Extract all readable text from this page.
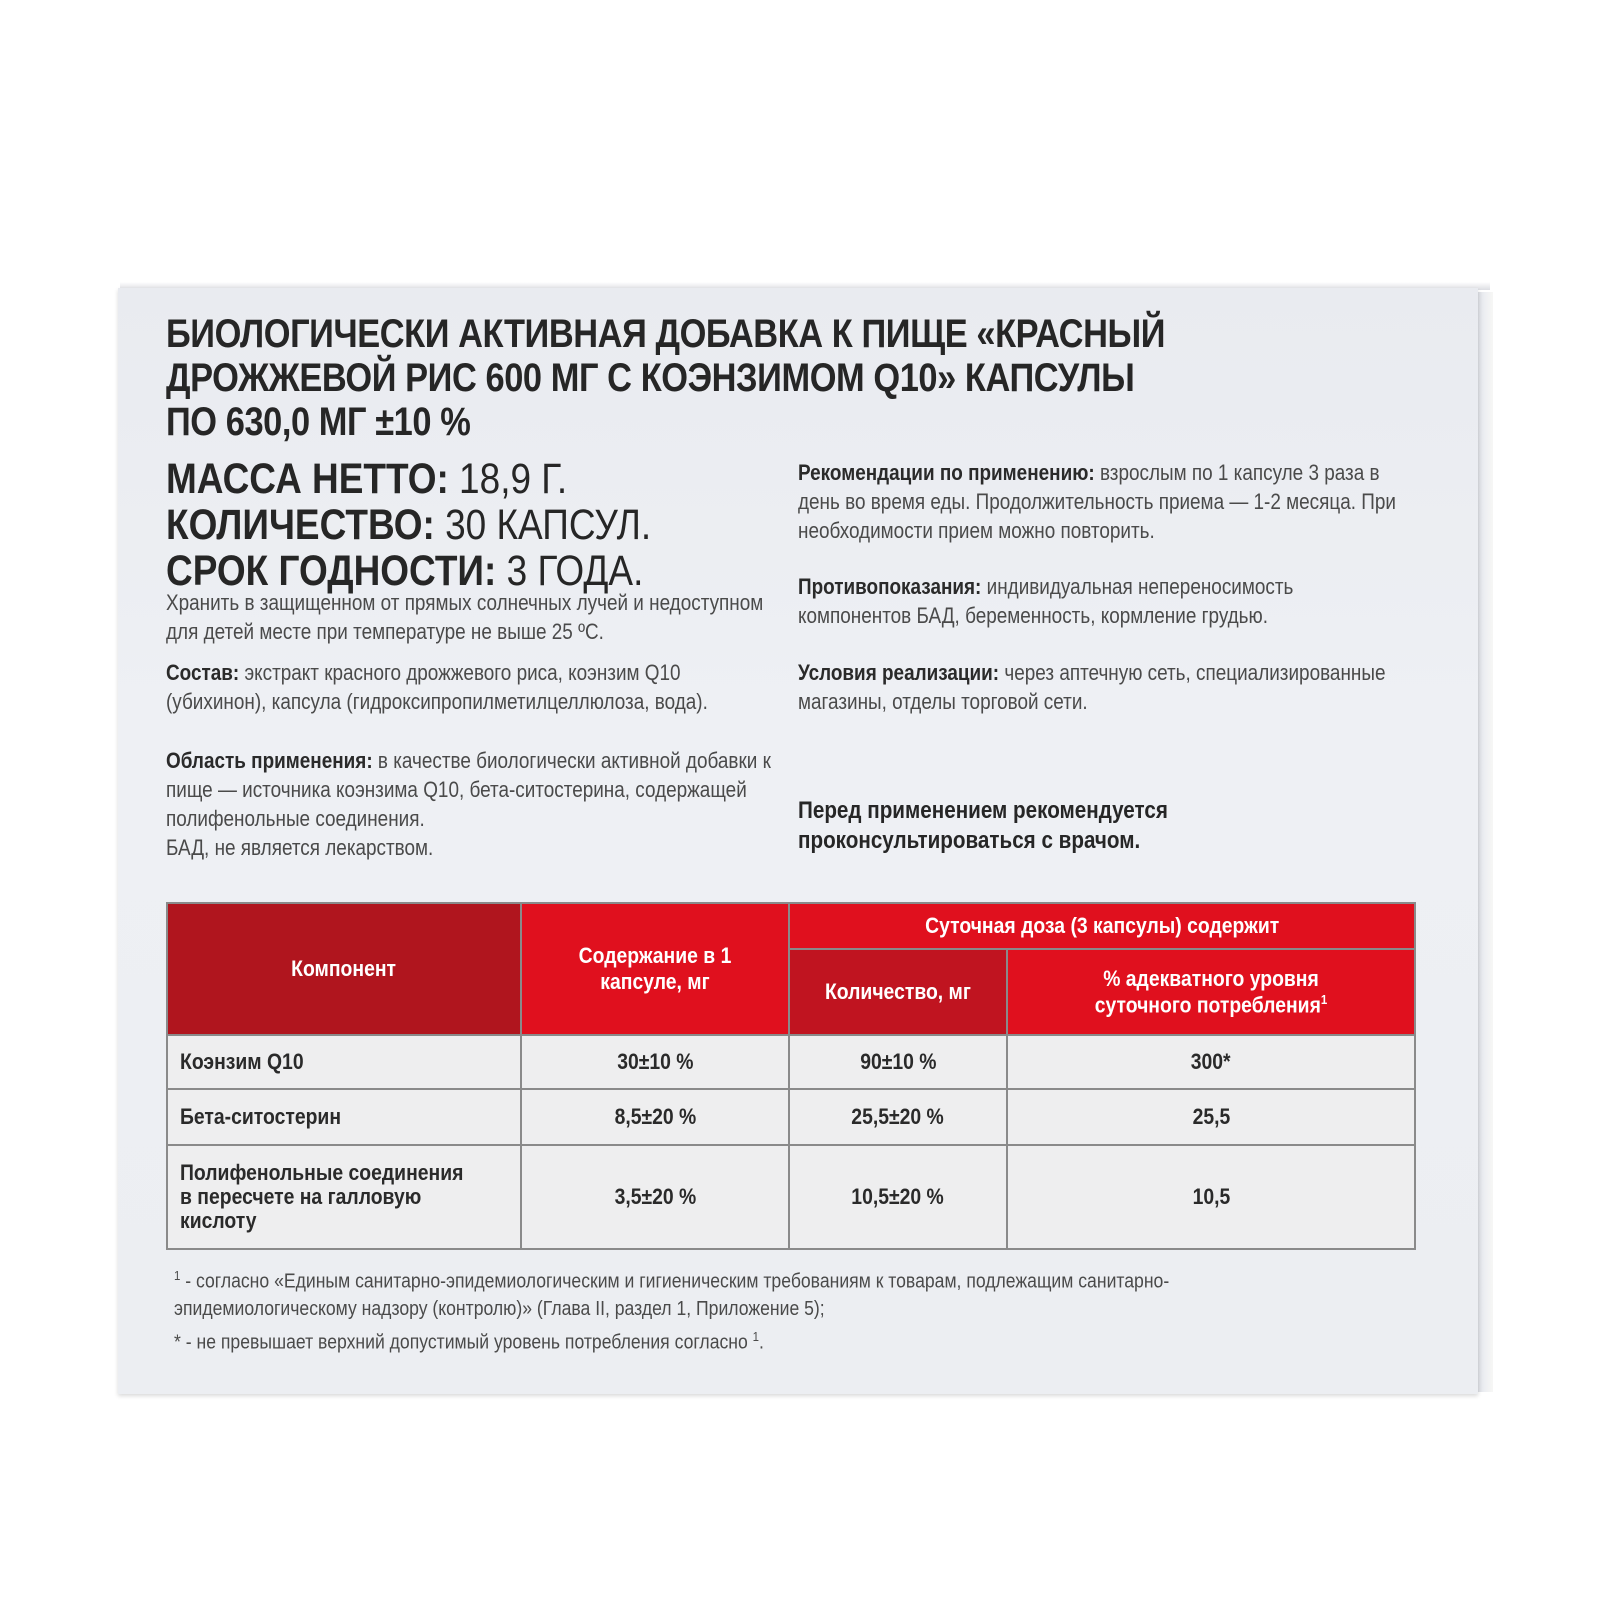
БИОЛОГИЧЕСКИ АКТИВНАЯ ДОБАВКА К ПИЩЕ «КРАСНЫЙ
ДРОЖЖЕВОЙ РИС 600 МГ С КОЭНЗИМОМ Q10» КАПСУЛЫ
ПО 630,0 МГ ±10 %
МАССА НЕТТО: 18,9 Г.
КОЛИЧЕСТВО: 30 КАПСУЛ.
СРОК ГОДНОСТИ: 3 ГОДА.
Хранить в защищенном от прямых солнечных лучей и недоступном для детей месте при температуре не выше 25 ºС.
Состав: экстракт красного дрожжевого риса, коэнзим Q10 (убихинон), капсула (гидроксипропилметилцеллюлоза, вода).
Область применения: в качестве биологически активной добавки к пище — источника коэнзима Q10, бета-ситостерина, содержащей полифенольные соединения.
БАД, не является лекарством.
Рекомендации по применению: взрослым по 1 капсуле 3 раза в день во время еды. Продолжительность приема — 1-2 месяца. При необходимости прием можно повторить.
Противопоказания: индивидуальная непереносимость компонентов БАД, беременность, кормление грудью.
Условия реализации: через аптечную сеть, специализированные магазины, отделы торговой сети.
Перед применением рекомендуется
проконсультироваться с врачом.
Компонент	Содержание в 1 капсуле, мг	Суточная доза (3 капсулы) содержит	
		Количество, мг	% адекватного уровня суточного потребления$^1$
Коэнзим Q10	30±10 %	90±10 %	300*
Бета-ситостерин	8,5±20 %	25,5±20 %	25,5
Полифенольные соединения в пересчете на галловую кислоту	3,5±20 %	10,5±20 %	10,5
$^1$ - согласно «Единым санитарно-эпидемиологическим и гигиеническим требованиям к товарам, подлежащим санитарно-эпидемиологическому надзору (контролю)» (Глава II, раздел 1, Приложение 5);
* - не превышает верхний допустимый уровень потребления согласно $^1$.
